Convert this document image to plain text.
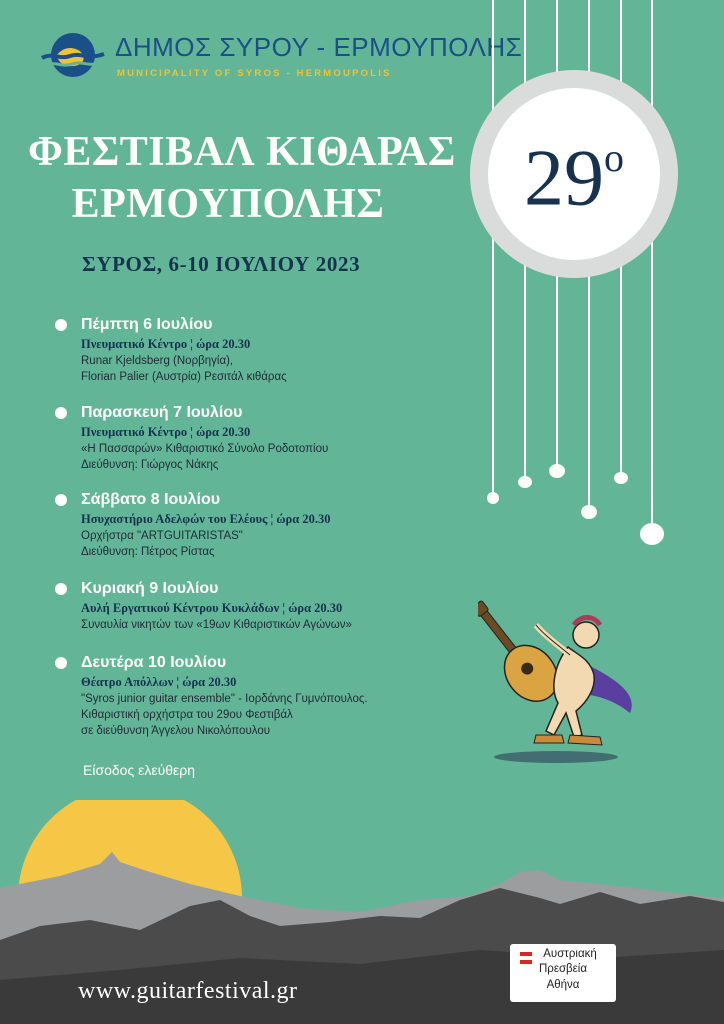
ΔΗΜΟΣ ΣΥΡΟΥ - ΕΡΜΟΥΠΟΛΗΣ
MUNICIPALITY OF SYROS - HERMOUPOLIS
$29^o$
ΦΕΣΤΙΒΑΛ ΚΙΘΑΡΑΣ
ΕΡΜΟΥΠΟΛΗΣ
ΣΥΡΟΣ, 6-10 ΙΟΥΛΙΟΥ 2023
Πέμπτη 6 Ιουλίου
Πνευματικό Κέντρο ¦ ώρα 20.30
Runar Kjeldsberg (Νορβηγία),
Florian Palier (Αυστρία) Ρεσιτάλ κιθάρας
Παρασκευή 7 Ιουλίου
Πνευματικό Κέντρο ¦ ώρα 20.30
«Η Πασσαρών» Κιθαριστικό Σύνολο Ροδοτοπίου
Διεύθυνση: Γιώργος Νάκης
Σάββατο 8 Ιουλίου
Ησυχαστήριο Αδελφών του Ελέους ¦ ώρα 20.30
Ορχήστρα "ARTGUITARISTAS"
Διεύθυνση: Πέτρος Ρίστας
Κυριακή 9 Ιουλίου
Αυλή Εργατικού Κέντρου Κυκλάδων ¦ ώρα 20.30
Συναυλία νικητών των «19ων Κιθαριστικών Αγώνων»
Δευτέρα 10 Ιουλίου
Θέατρο Απόλλων ¦ ώρα 20.30
"Syros junior guitar ensemble" - Ιορδάνης Γυμνόπουλος.
Κιθαριστική ορχήστρα του 29ου Φεστιβάλ
σε διεύθυνση Άγγελου Νικολόπουλου
Είσοδος ελεύθερη
www.guitarfestival.gr
Αυστριακή
Πρεσβεία
Αθήνα
